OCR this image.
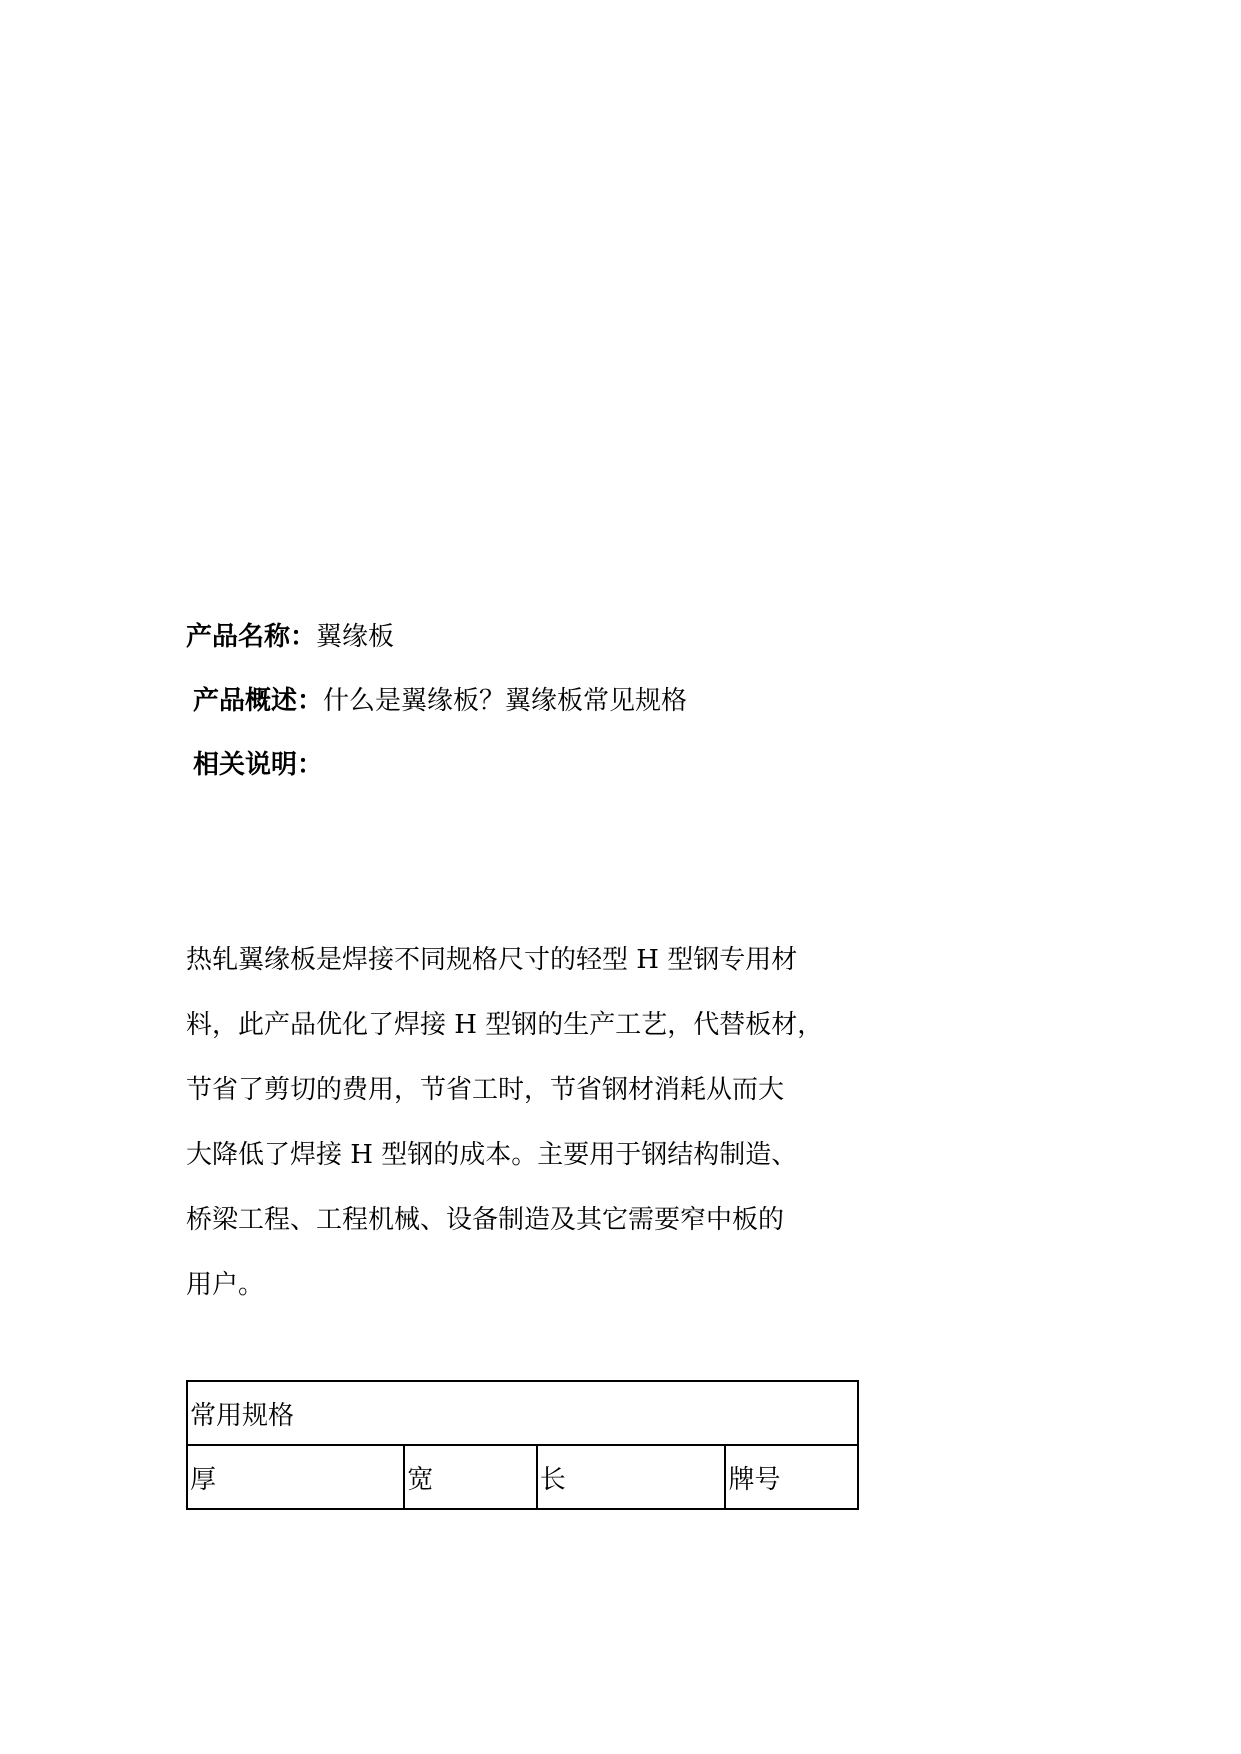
产品名称：翼缘板
产品概述：什么是翼缘板？翼缘板常见规格
相关说明：
热轧翼缘板是焊接不同规格尺寸的轻型 H 型钢专用材
料，此产品优化了焊接 H 型钢的生产工艺，代替板材，
节省了剪切的费用，节省工时，节省钢材消耗从而大
大降低了焊接 H 型钢的成本。主要用于钢结构制造、
桥梁工程、工程机械、设备制造及其它需要窄中板的
用户。
常用规格
厚	宽	长	牌号
